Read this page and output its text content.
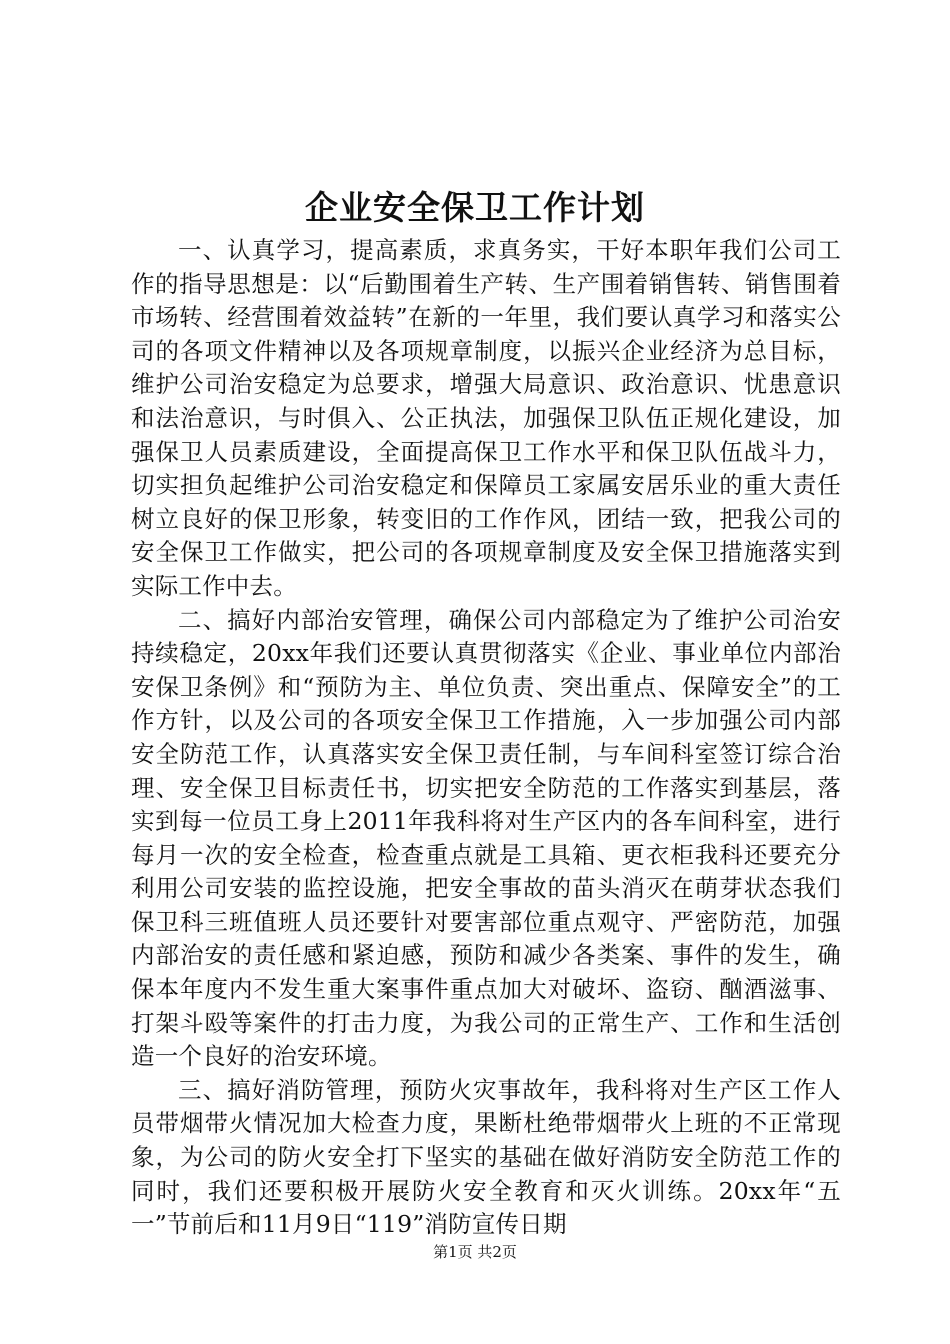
企业安全保卫工作计划

一、认真学习，提高素质，求真务实，干好本职年我们公司工作的指导思想是：以“后勤围着生产转、生产围着销售转、销售围着市场转、经营围着效益转”在新的一年里，我们要认真学习和落实公司的各项文件精神以及各项规章制度，以振兴企业经济为总目标，维护公司治安稳定为总要求，增强大局意识、政治意识、忧患意识和法治意识，与时俱入、公正执法，加强保卫队伍正规化建设，加强保卫人员素质建设，全面提高保卫工作水平和保卫队伍战斗力，切实担负起维护公司治安稳定和保障员工家属安居乐业的重大责任树立良好的保卫形象，转变旧的工作作风，团结一致，把我公司的安全保卫工作做实，把公司的各项规章制度及安全保卫措施落实到实际工作中去。

二、搞好内部治安管理，确保公司内部稳定为了维护公司治安持续稳定，20xx年我们还要认真贯彻落实《企业、事业单位内部治安保卫条例》和“预防为主、单位负责、突出重点、保障安全”的工作方针，以及公司的各项安全保卫工作措施，入一步加强公司内部安全防范工作，认真落实安全保卫责任制，与车间科室签订综合治理、安全保卫目标责任书，切实把安全防范的工作落实到基层，落实到每一位员工身上2011年我科将对生产区内的各车间科室，进行每月一次的安全检查，检查重点就是工具箱、更衣柜我科还要充分利用公司安装的监控设施，把安全事故的苗头消灭在萌芽状态我们保卫科三班值班人员还要针对要害部位重点观守、严密防范，加强内部治安的责任感和紧迫感，预防和减少各类案、事件的发生，确保本年度内不发生重大案事件重点加大对破坏、盗窃、酗酒滋事、打架斗殴等案件的打击力度，为我公司的正常生产、工作和生活创造一个良好的治安环境。

三、搞好消防管理，预防火灾事故年，我科将对生产区工作人员带烟带火情况加大检查力度，果断杜绝带烟带火上班的不正常现象，为公司的防火安全打下坚实的基础在做好消防安全防范工作的同时，我们还要积极开展防火安全教育和灭火训练。20xx年“五一”节前后和11月9日“119”消防宣传日期

第1页 共2页
